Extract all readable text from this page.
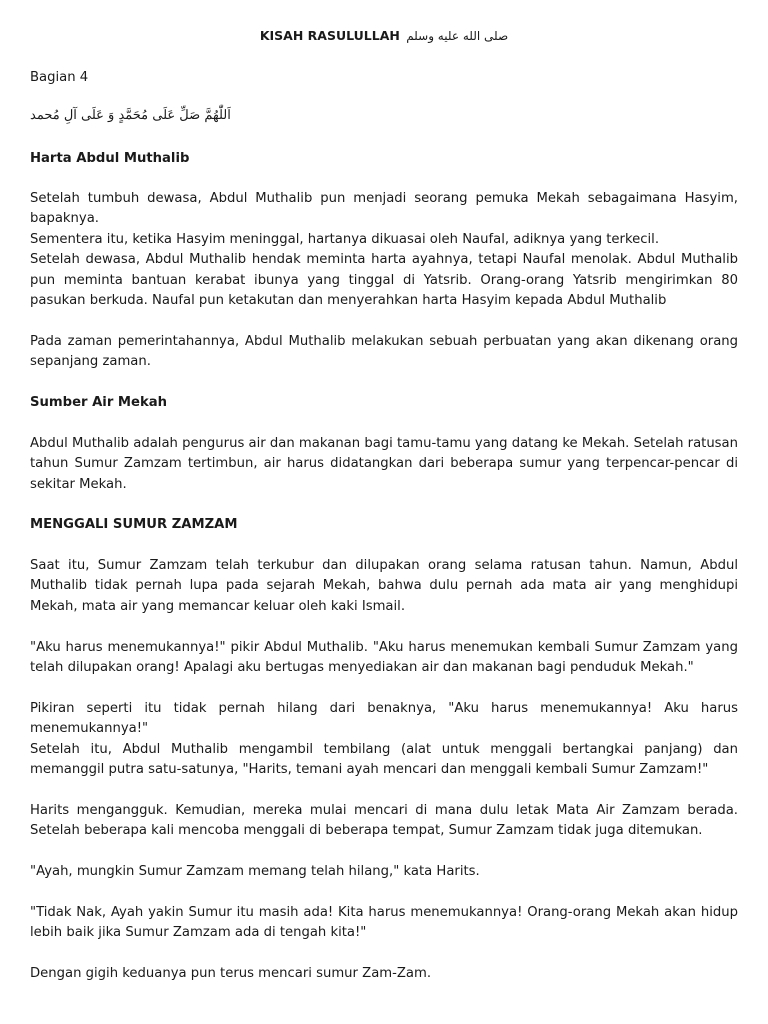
KISAH RASULULLAH صلى الله عليه وسلم

Bagian 4

اَللّٰهُمَّ صَلِّ عَلَى مُحَمَّدٍ وَ عَلَى آلِ مُحمد

Harta Abdul Muthalib

Setelah tumbuh dewasa, Abdul Muthalib pun menjadi seorang pemuka Mekah sebagaimana Hasyim, bapaknya.

Sementera itu, ketika Hasyim meninggal, hartanya dikuasai oleh Naufal, adiknya yang terkecil.

Setelah dewasa, Abdul Muthalib hendak meminta harta ayahnya, tetapi Naufal menolak. Abdul Muthalib pun meminta bantuan kerabat ibunya yang tinggal di Yatsrib. Orang-orang Yatsrib mengirimkan 80 pasukan berkuda. Naufal pun ketakutan dan menyerahkan harta Hasyim kepada Abdul Muthalib

Pada zaman pemerintahannya, Abdul Muthalib melakukan sebuah perbuatan yang akan dikenang orang sepanjang zaman.

Sumber Air Mekah

Abdul Muthalib adalah pengurus air dan makanan bagi tamu-tamu yang datang ke Mekah. Setelah ratusan tahun Sumur Zamzam tertimbun, air harus didatangkan dari beberapa sumur yang terpencar-pencar di sekitar Mekah.

MENGGALI SUMUR ZAMZAM

Saat itu, Sumur Zamzam telah terkubur dan dilupakan orang selama ratusan tahun. Namun, Abdul Muthalib tidak pernah lupa pada sejarah Mekah, bahwa dulu pernah ada mata air yang menghidupi Mekah, mata air yang memancar keluar oleh kaki Ismail.

"Aku harus menemukannya!" pikir Abdul Muthalib. "Aku harus menemukan kembali Sumur Zamzam yang telah dilupakan orang! Apalagi aku bertugas menyediakan air dan makanan bagi penduduk Mekah."

Pikiran seperti itu tidak pernah hilang dari benaknya, "Aku harus menemukannya! Aku harus menemukannya!"

Setelah itu, Abdul Muthalib mengambil tembilang (alat untuk menggali bertangkai panjang) dan memanggil putra satu-satunya, "Harits, temani ayah mencari dan menggali kembali Sumur Zamzam!"

Harits mengangguk. Kemudian, mereka mulai mencari di mana dulu letak Mata Air Zamzam berada. Setelah beberapa kali mencoba menggali di beberapa tempat, Sumur Zamzam tidak juga ditemukan.

"Ayah, mungkin Sumur Zamzam memang telah hilang," kata Harits.

"Tidak Nak, Ayah yakin Sumur itu masih ada! Kita harus menemukannya! Orang-orang Mekah akan hidup lebih baik jika Sumur Zamzam ada di tengah kita!"

Dengan gigih keduanya pun terus mencari sumur Zam-Zam.
